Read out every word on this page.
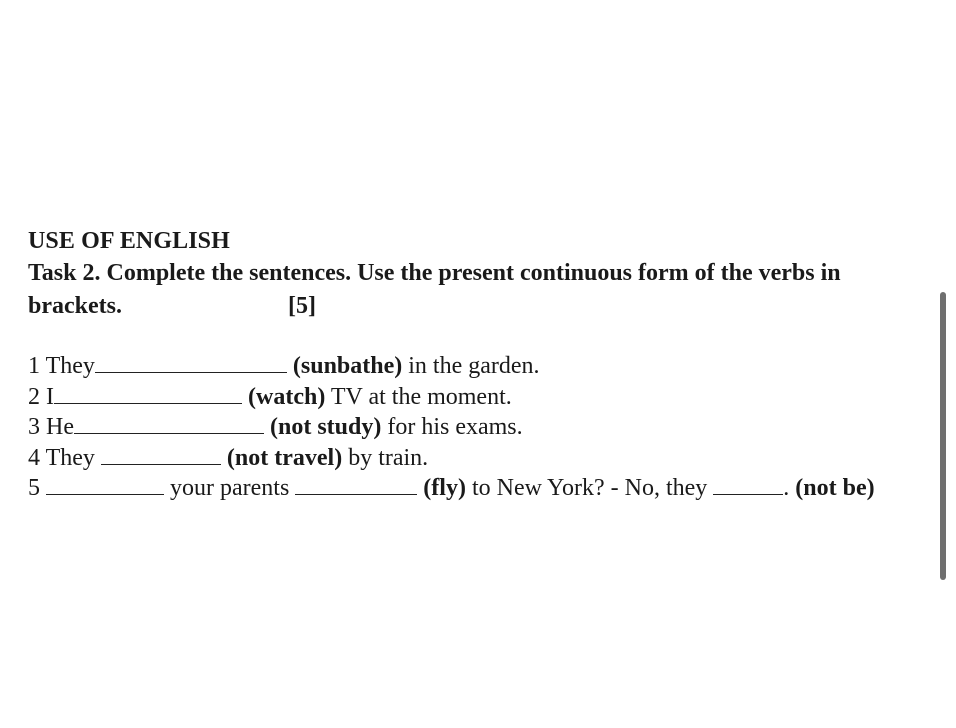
USE OF ENGLISH

Task 2. Complete the sentences. Use the present continuous form of the verbs in brackets.	[5]

1 They	(sunbathe) in the garden.

2 I	(watch) TV at the moment.

3 He	(not study) for his exams.

4 They	(not travel) by train.

5	your parents	(fly) to New York? - No, they	. (not be)
